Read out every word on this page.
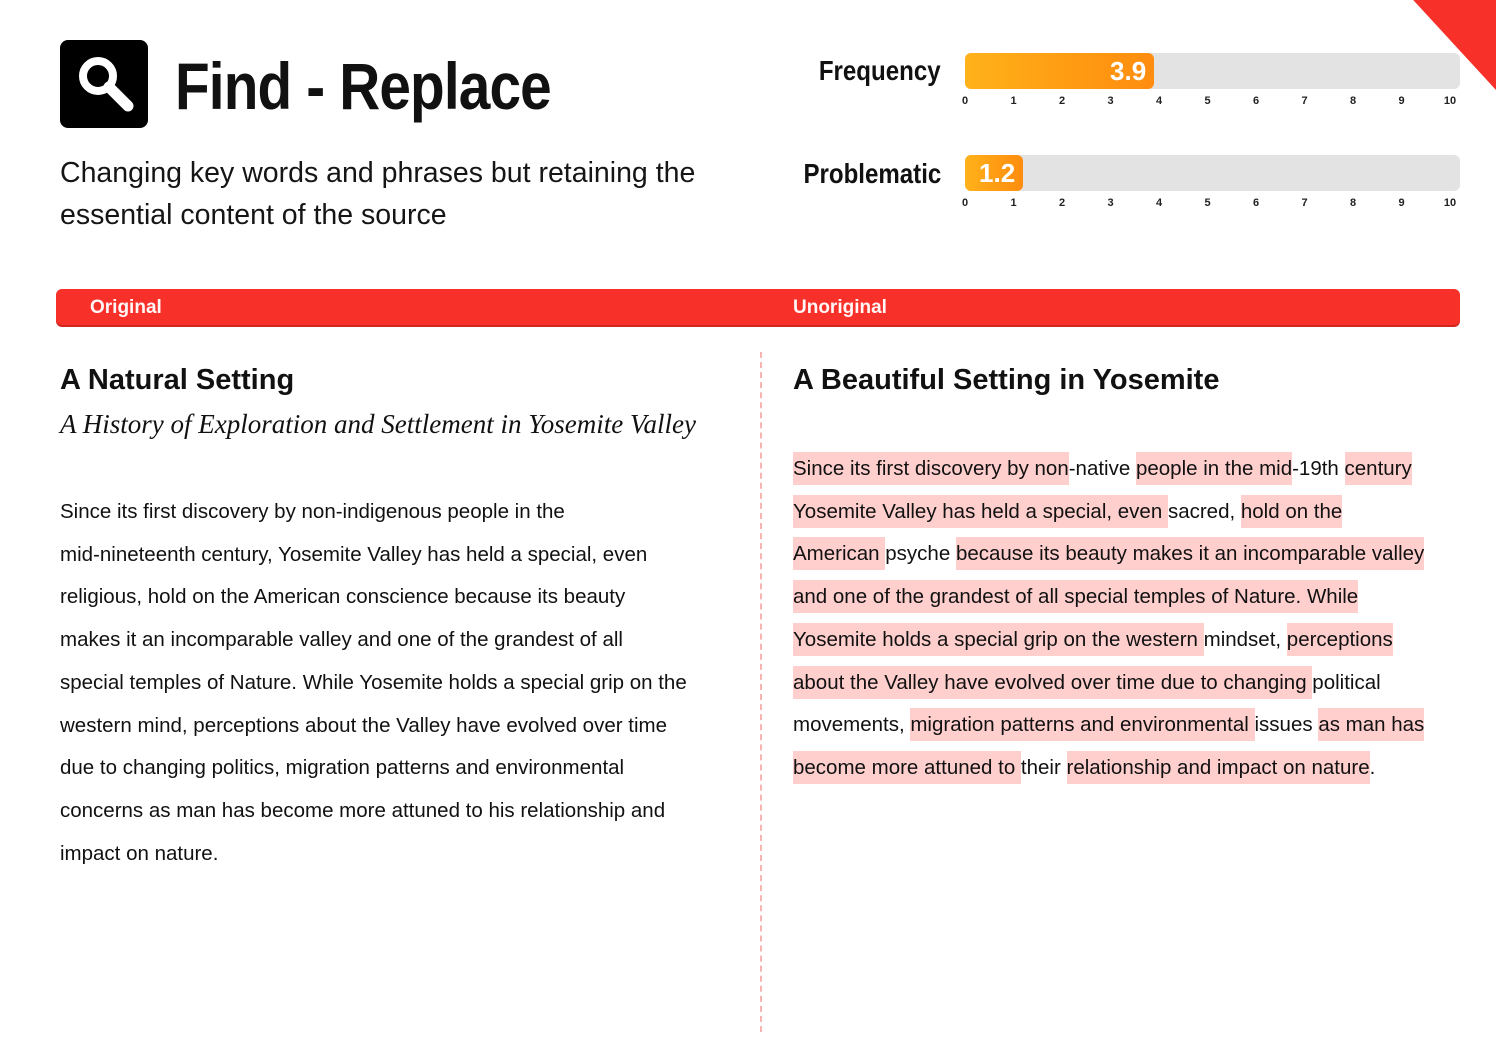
Find - Replace

Changing key words and phrases but retaining the essential content of the source

Frequency	3.9
0	1	2	3	4	5	6	7	8	9	10
Problematic 1.2
0	1	2	3	4	5	6	7	8	9	10
Original	Unoriginal
A Natural Setting

A History of Exploration and Settlement in Yosemite Valley

Since its first discovery by non-indigenous people in the
mid-nineteenth century, Yosemite Valley has held a special, even
religious, hold on the American conscience because its beauty
makes it an incomparable valley and one of the grandest of all
special temples of Nature. While Yosemite holds a special grip on the
western mind, perceptions about the Valley have evolved over time
due to changing politics, migration patterns and environmental
concerns as man has become more attuned to his relationship and
impact on nature.

A Beautiful Setting in Yosemite

Since its first discovery by non-native people in the mid-19th century
Yosemite Valley has held a special, even sacred, hold on the
American psyche because its beauty makes it an incomparable valley
and one of the grandest of all special temples of Nature. While
Yosemite holds a special grip on the western mindset, perceptions
about the Valley have evolved over time due to changing political
movements, migration patterns and environmental issues as man has
become more attuned to their relationship and impact on nature.
